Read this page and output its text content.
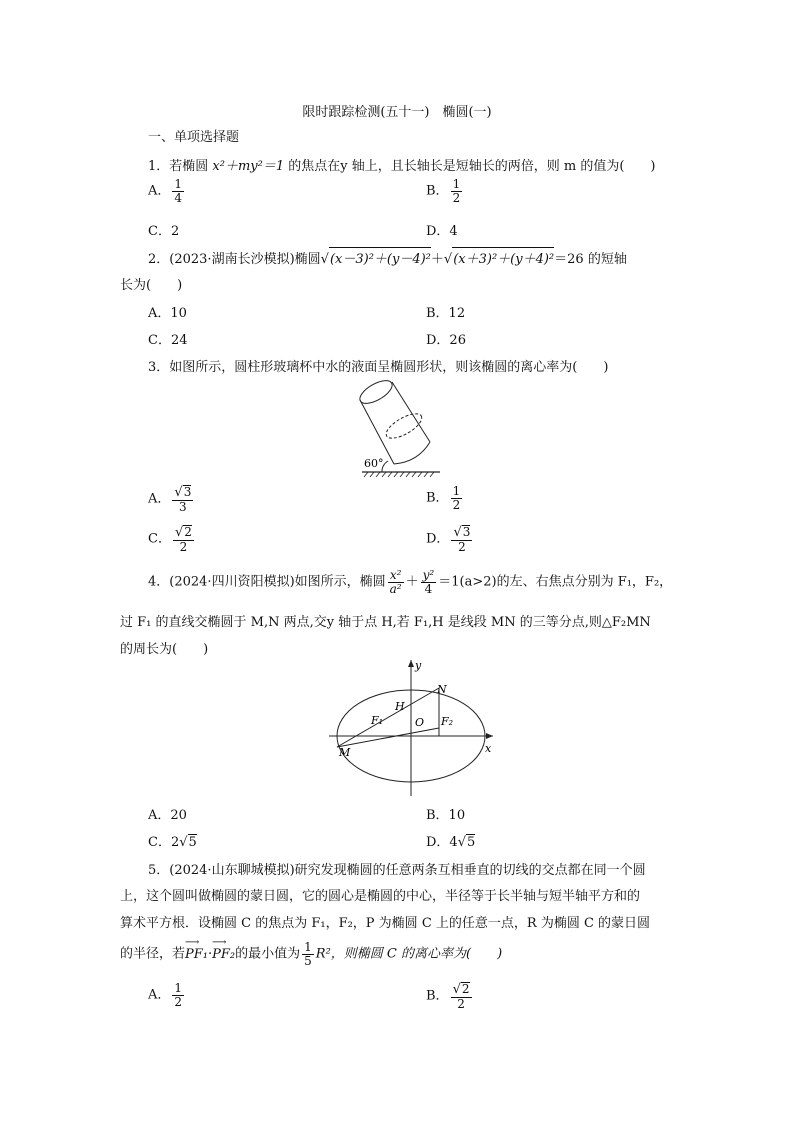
限时跟踪检测(五十一)　椭圆(一)
一、单项选择题
1．若椭圆 x²＋my²＝1 的焦点在y 轴上，且长轴长是短轴长的两倍，则 m 的值为(　　)
A． $\frac{1}{4}$	B． $\frac{1}{2}$
C．2	D．4
2．(2023·湖南长沙模拟)椭圆√(x－3)²＋(y－4)²＋√(x＋3)²＋(y＋4)²＝26 的短轴
长为(　　)
A．10	B．12
C．24	D．26
3．如图所示，圆柱形玻璃杯中水的液面呈椭圆形状，则该椭圆的离心率为(　　)
60°
A． $\frac{√3}{3}$	B． $\frac{1}{2}$
C． $\frac{√2}{2}$	D． $\frac{√3}{2}$
4．(2024·四川资阳模拟)如图所示，椭圆 $\frac{\text{x²}}{\text{a²}} + \frac{\text{y²}}{4} =1(a>2)$的左、右焦点分别为 F₁，F₂，
过 F₁ 的直线交椭圆于 M,N 两点,交y 轴于点 H,若 F₁,H 是线段 MN 的三等分点,则△F₂MN
的周长为(　　)
y
x
N
H
F₁	O F₂
M
A．20	B．10
C．2√5	D．4√5
5．(2024·山东聊城模拟)研究发现椭圆的任意两条互相垂直的切线的交点都在同一个圆
上，这个圆叫做椭圆的蒙日圆，它的圆心是椭圆的中心，半径等于长半轴与短半轴平方和的
算术平方根．设椭圆 C 的焦点为 F₁，F₂，P 为椭圆 C 上的任意一点，R 为椭圆 C 的蒙日圆
的半径，若
⟶
PF₁·
⟶
PF₂的最小值为 $\frac{1}{5} R^2$，则椭圆 C 的离心率为(　　)
A． $\frac{1}{2}$	B． $\frac{√2}{2}$
